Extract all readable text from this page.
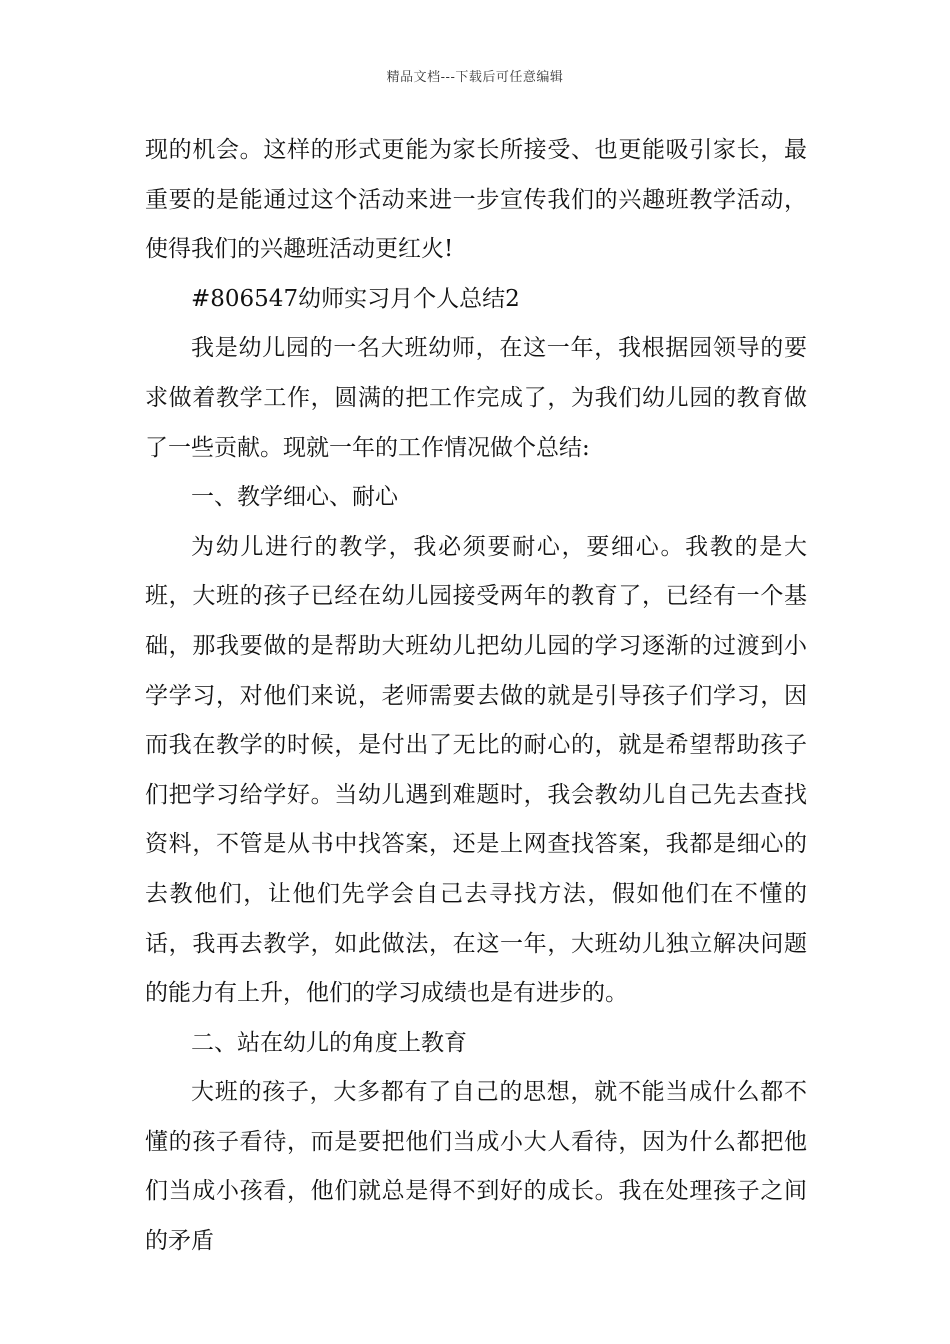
精品文档---下载后可任意编辑

现的机会。这样的形式更能为家长所接受、也更能吸引家长，最重要的是能通过这个活动来进一步宣传我们的兴趣班教学活动，使得我们的兴趣班活动更红火!

#806547幼师实习月个人总结2

我是幼儿园的一名大班幼师，在这一年，我根据园领导的要求做着教学工作，圆满的把工作完成了，为我们幼儿园的教育做了一些贡献。现就一年的工作情况做个总结:

一、教学细心、耐心

为幼儿进行的教学，我必须要耐心，要细心。我教的是大班，大班的孩子已经在幼儿园接受两年的教育了，已经有一个基础，那我要做的是帮助大班幼儿把幼儿园的学习逐渐的过渡到小学学习，对他们来说，老师需要去做的就是引导孩子们学习，因而我在教学的时候，是付出了无比的耐心的，就是希望帮助孩子们把学习给学好。当幼儿遇到难题时，我会教幼儿自己先去查找资料，不管是从书中找答案，还是上网查找答案，我都是细心的去教他们，让他们先学会自己去寻找方法，假如他们在不懂的话，我再去教学，如此做法，在这一年，大班幼儿独立解决问题的能力有上升，他们的学习成绩也是有进步的。

二、站在幼儿的角度上教育

大班的孩子，大多都有了自己的思想，就不能当成什么都不懂的孩子看待，而是要把他们当成小大人看待，因为什么都把他们当成小孩看，他们就总是得不到好的成长。我在处理孩子之间的矛盾
